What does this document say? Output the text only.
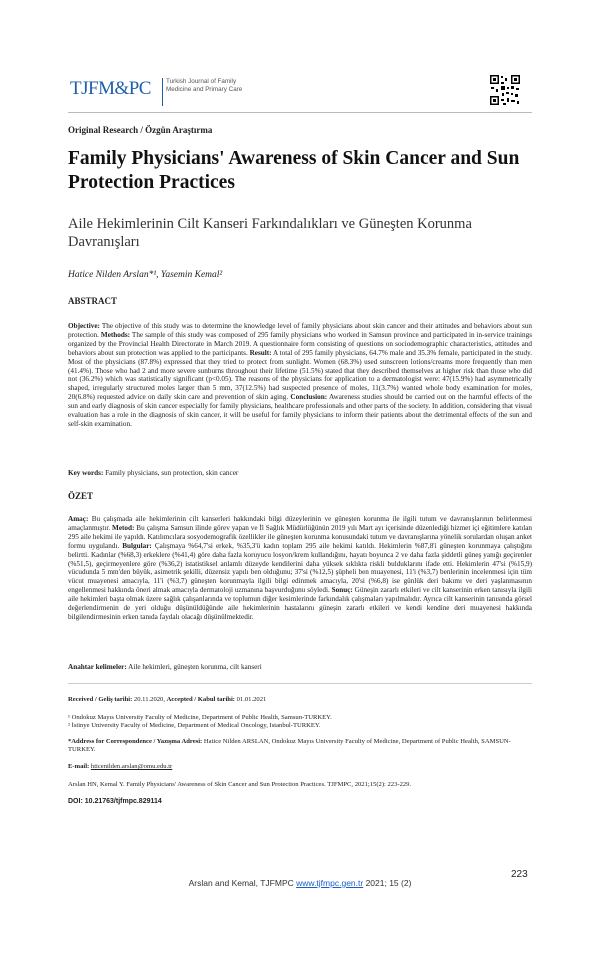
TJFM&PC Turkish Journal of Family Medicine and Primary Care
Original Research / Özgün Araştırma
Family Physicians' Awareness of Skin Cancer and Sun Protection Practices
Aile Hekimlerinin Cilt Kanseri Farkındalıkları ve Güneşten Korunma Davranışları
Hatice Nilden Arslan*¹, Yasemin Kemal²
ABSTRACT
Objective: The objective of this study was to determine the knowledge level of family physicians about skin cancer and their attitudes and behaviors about sun protection. Methods: The sample of this study was composed of 295 family physicians who worked in Samsun province and participated in in-service trainings organized by the Provincial Health Directorate in March 2019. A questionnaire form consisting of questions on sociodemographic characteristics, attitudes and behaviors about sun protection was applied to the participants. Result: A total of 295 family physicians, 64.7% male and 35.3% female, participated in the study. Most of the physicians (87.8%) expressed that they tried to protect from sunlight. Women (68.3%) used sunscreen lotions/creams more frequently than men (41.4%). Those who had 2 and more severe sunburns throughout their lifetime (51.5%) stated that they described themselves at higher risk than those who did not (36.2%) which was statistically significant (p<0.05). The reasons of the physicians for application to a dermatologist were: 47(15.9%) had asymmetrically shaped, irregularly structured moles larger than 5 mm, 37(12.5%) had suspected presence of moles, 11(3.7%) wanted whole body examination for moles, 20(6.8%) requested advice on daily skin care and prevention of skin aging. Conclusion: Awareness studies should be carried out on the harmful effects of the sun and early diagnosis of skin cancer especially for family physicians, healthcare professionals and other parts of the society. In addition, considering that visual evaluation has a role in the diagnosis of skin cancer, it will be useful for family physicians to inform their patients about the detrimental effects of the sun and self-skin examination.
Key words: Family physicians, sun protection, skin cancer
ÖZET
Amaç: Bu çalışmada aile hekimlerinin cilt kanserleri hakkındaki bilgi düzeylerinin ve güneşten korunma ile ilgili tutum ve davranışlarının belirlenmesi amaçlanmıştır. Metod: Bu çalışma Samsun ilinde görev yapan ve İl Sağlık Müdürlüğünün 2019 yılı Mart ayı içerisinde düzenlediği hizmet içi eğitimlere katılan 295 aile hekimi ile yapıldı. Katılımcılara sosyodemografik özellikler ile güneşten korunma konusundaki tutum ve davranışlarına yönelik sorulardan oluşan anket formu uygulandı. Bulgular: Çalışmaya %64,7'si erkek, %35,3'ü kadın toplam 295 aile hekimi katıldı. Hekimlerin %87,8'i güneşten korunmaya çalıştığını belirtti. Kadınlar (%68,3) erkeklere (%41,4) göre daha fazla koruyucu losyon/krem kullandığını, hayatı boyunca 2 ve daha fazla şiddetli güneş yanığı geçirenler (%51,5), geçirmeyenlere göre (%36,2) istatistiksel anlamlı düzeyde kendilerini daha yüksek sıklıkta riskli bulduklarını ifade etti. Hekimlerin 47'si (%15,9) vücudunda 5 mm'den büyük, asimetrik şekilli, düzensiz yapılı ben olduğunu; 37'si (%12,5) şüpheli ben muayenesi, 11'i (%3,7) benlerinin incelenmesi için tüm vücut muayenesi amacıyla, 11'i (%3,7) güneşten korunmayla ilgili bilgi edinmek amacıyla, 20'si (%6,8) ise günlük deri bakımı ve deri yaşlanmasının engellenmesi hakkında öneri almak amacıyla dermatoloji uzmanına başvurduğunu söyledi. Sonuç: Güneşin zararlı etkileri ve cilt kanserinin erken tanısıyla ilgili aile hekimleri başta olmak üzere sağlık çalışanlarında ve toplumun diğer kesimlerinde farkındalık çalışmaları yapılmalıdır. Ayrıca cilt kanserinin tanısında görsel değerlendirmenin de yeri olduğu düşünüldüğünde aile hekimlerinin hastalarını güneşin zararlı etkileri ve kendi kendine deri muayenesi hakkında bilgilendirmesinin erken tanıda faydalı olacağı düşünülmektedir.
Anahtar kelimeler: Aile hekimleri, güneşten korunma, cilt kanseri
Received / Geliş tarihi: 20.11.2020, Accepted / Kabul tarihi: 01.01.2021
¹ Ondokuz Mayıs University Faculty of Medicine, Department of Public Health, Samsun-TURKEY.
² İstinye University Faculty of Medicine, Department of Medical Oncology, Istanbul-TURKEY.
*Address for Correspondence / Yazışma Adresi: Hatice Nilden ARSLAN, Ondokuz Mayıs University Faculty of Medicine, Department of Public Health, SAMSUN-TURKEY.
E-mail: hticenilden.arslan@omu.edu.tr
Arslan HN, Kemal Y. Family Physicians' Awareness of Skin Cancer and Sun Protection Practices. TJFMPC, 2021;15(2): 223-229.
DOI: 10.21763/tjfmpc.829114
223
Arslan and Kemal, TJFMPC www.tjfmpc.gen.tr 2021; 15 (2)
